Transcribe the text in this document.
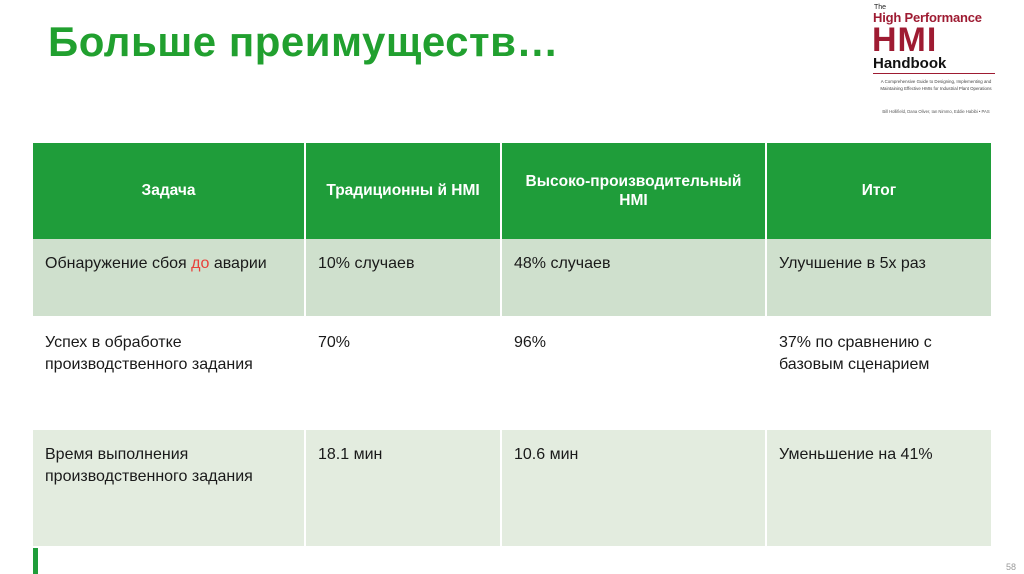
Больше преимуществ…
The
High Performance
HMI
Handbook
A Comprehensive Guide to Designing, Implementing and Maintaining Effective HMIs for Industrial Plant Operations
Bill Hollifield, Dana Oliver, Ian Nimmo, Eddie Habibi • PAS
Задача	Традиционны й HMI	Высоко-производительный HMI	Итог
Обнаружение сбоя до аварии	10% случаев	48% случаев	Улучшение в 5х раз
Успех в обработке производственного задания	70%	96%	37% по сравнению с базовым сценарием
Время выполнения производственного задания	18.1 мин	10.6 мин	Уменьшение на 41%
58
